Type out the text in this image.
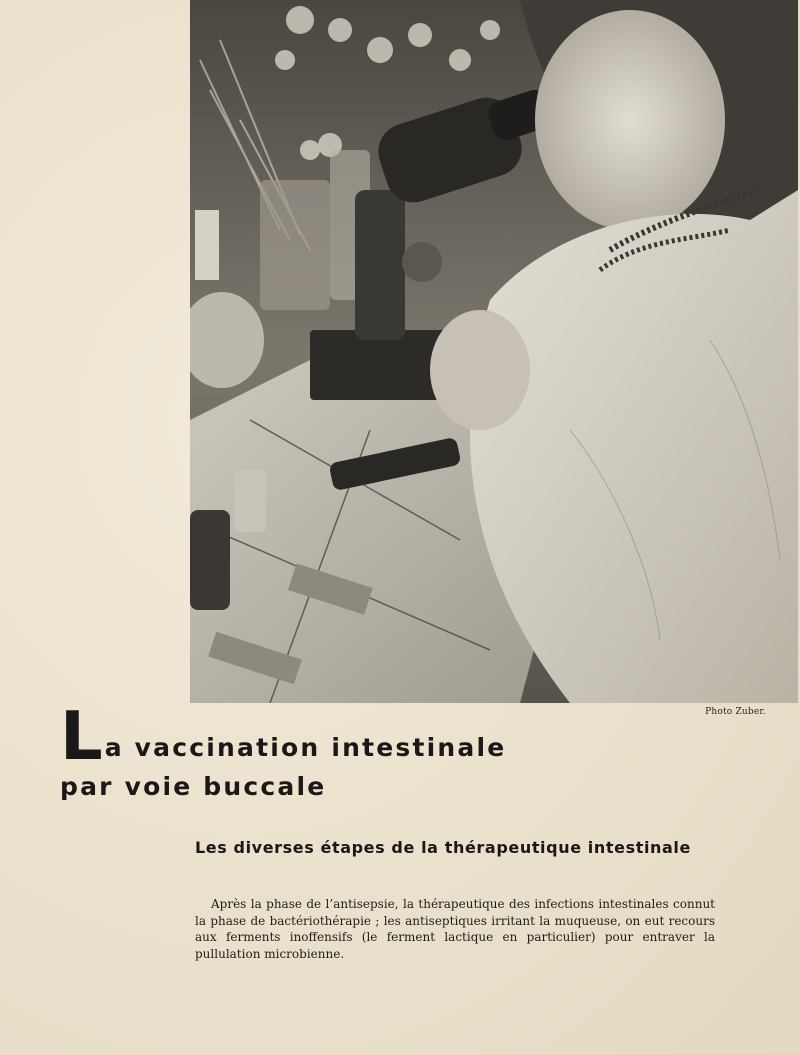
Photo Zuber.
L a vaccination intestinale
par voie buccale
Les diverses étapes de la thérapeutique intestinale

Après la phase de l’antisepsie, la thérapeutique des infections intestinales connut la phase de bactériothérapie ; les antiseptiques irritant la muqueuse, on eut recours aux ferments inoffensifs (le ferment lactique en particulier) pour entraver la pullulation microbienne.
